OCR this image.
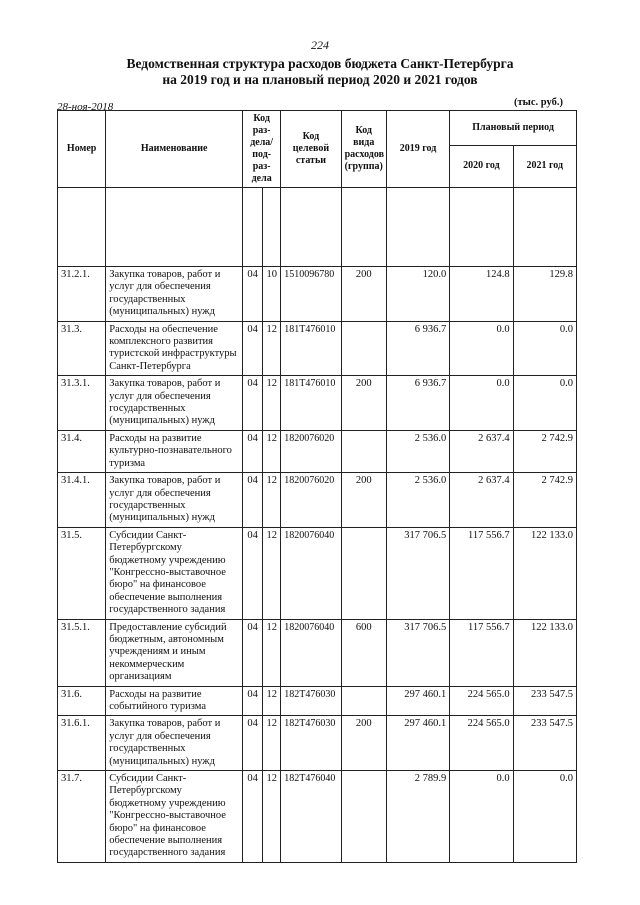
224
Ведомственная структура расходов бюджета Санкт-Петербурга
на 2019 год и на плановый период 2020 и 2021 годов
28-ноя-2018	(тыс. руб.)
Номер	Наименование	Код раз- дела/ под- раз- дела		Код целевой статьи	Код вида расходов (группа)	2019 год	Плановый период	
							2020 год	2021 год

31.2.1.	Закупка товаров, работ и услуг для обеспечения государственных (муниципальных) нужд	04	10	1510096780	200	120.0	124.8	129.8
31.3.	Расходы на обеспечение комплексного развития туристской инфраструктуры Санкт-Петербурга	04	12	181T476010		6 936.7	0.0	0.0
31.3.1.	Закупка товаров, работ и услуг для обеспечения государственных (муниципальных) нужд	04	12	181T476010	200	6 936.7	0.0	0.0
31.4.	Расходы на развитие культурно-познавательного туризма	04	12	1820076020		2 536.0	2 637.4	2 742.9
31.4.1.	Закупка товаров, работ и услуг для обеспечения государственных (муниципальных) нужд	04	12	1820076020	200	2 536.0	2 637.4	2 742.9
31.5.	Субсидии Санкт-Петербургскому бюджетному учреждению "Конгрессно-выставочное бюро" на финансовое обеспечение выполнения государственного задания	04	12	1820076040		317 706.5	117 556.7	122 133.0
31.5.1.	Предоставление субсидий бюджетным, автономным учреждениям и иным некоммерческим организациям	04	12	1820076040	600	317 706.5	117 556.7	122 133.0
31.6.	Расходы на развитие событийного туризма	04	12	182T476030		297 460.1	224 565.0	233 547.5
31.6.1.	Закупка товаров, работ и услуг для обеспечения государственных (муниципальных) нужд	04	12	182T476030	200	297 460.1	224 565.0	233 547.5
31.7.	Субсидии Санкт-Петербургскому бюджетному учреждению "Конгрессно-выставочное бюро" на финансовое обеспечение выполнения государственного задания	04	12	182T476040		2 789.9	0.0	0.0
